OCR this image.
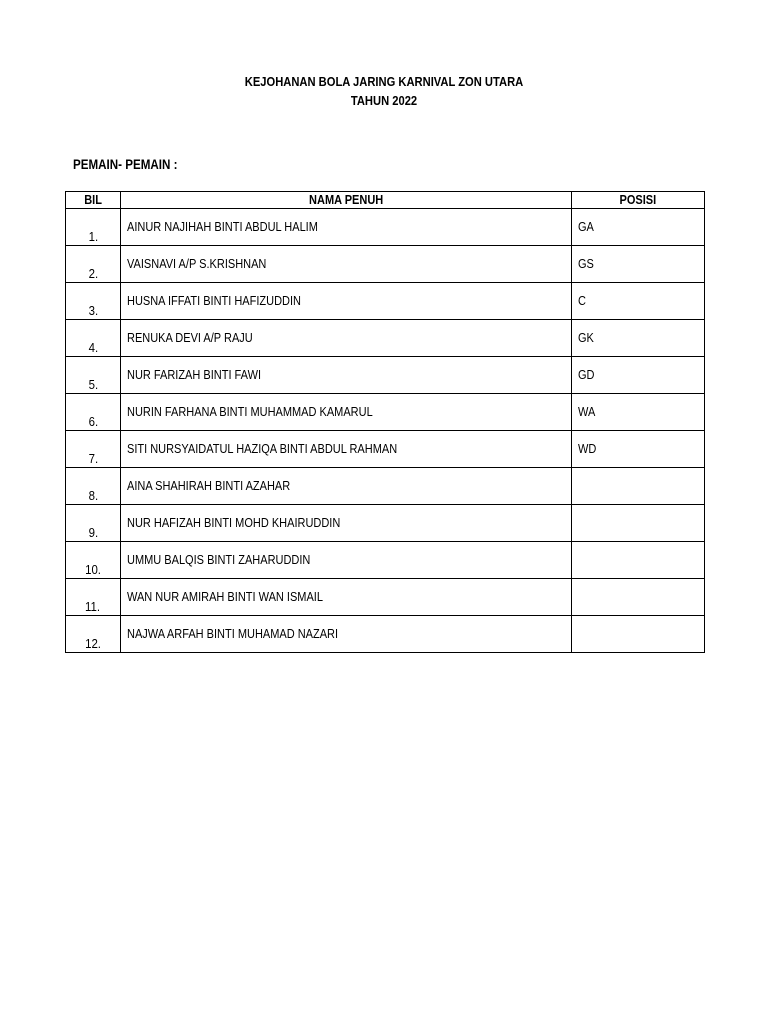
KEJOHANAN BOLA JARING KARNIVAL ZON UTARA
TAHUN 2022
PEMAIN- PEMAIN :
BIL	NAMA PENUH	POSISI
1.	AINUR NAJIHAH BINTI ABDUL HALIM	GA
2.	VAISNAVI A/P S.KRISHNAN	GS
3.	HUSNA IFFATI BINTI HAFIZUDDIN	C
4.	RENUKA DEVI A/P RAJU	GK
5.	NUR FARIZAH BINTI FAWI	GD
6.	NURIN FARHANA BINTI MUHAMMAD KAMARUL	WA
7.	SITI NURSYAIDATUL HAZIQA BINTI ABDUL RAHMAN	WD
8.	AINA SHAHIRAH BINTI AZAHAR	
9.	NUR HAFIZAH BINTI MOHD KHAIRUDDIN	
10.	UMMU BALQIS BINTI ZAHARUDDIN	
11.	WAN NUR AMIRAH BINTI WAN ISMAIL	
12.	NAJWA ARFAH BINTI MUHAMAD NAZARI	
